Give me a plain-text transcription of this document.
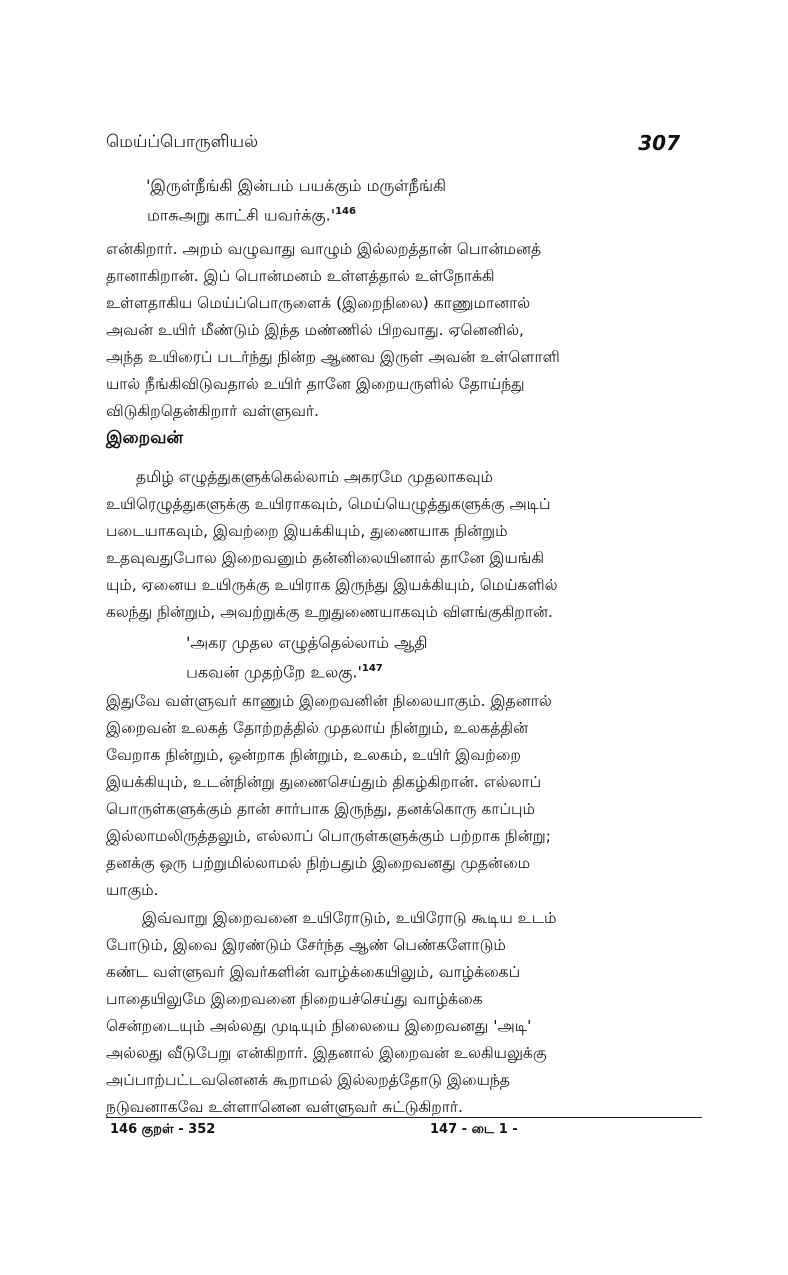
மெய்ப்பொருளியல்	307
'இருள்நீங்கி இன்பம் பயக்கும் மருள்நீங்கி
மாசுஅறு காட்சி $யவர்க்கு.'^{146}$
என்கிறார். அறம் வழுவாது வாழும் இல்லறத்தான் பொன்மனத்
தானாகிறான். இப் பொன்மனம் உள்ளத்தால் உள்நோக்கி
உள்ளதாகிய மெய்ப்பொருளைக் (இறைநிலை) காணுமானால்
அவன் உயிர் மீண்டும் இந்த மண்ணில் பிறவாது. ஏனெனில்,
அந்த உயிரைப் படர்ந்து நின்ற ஆணவ இருள் அவன் உள்ளொளி
யால் நீங்கிவிடுவதால் உயிர் தானே இறையருளில் தோய்ந்து
விடுகிறதென்கிறார் வள்ளுவர்.
இறைவன்
தமிழ் எழுத்துகளுக்கெல்லாம் அகரமே முதலாகவும்
உயிரெழுத்துகளுக்கு உயிராகவும், மெய்யெழுத்துகளுக்கு அடிப்
படையாகவும், இவற்றை இயக்கியும், துணையாக நின்றும்
உதவுவதுபோல இறைவனும் தன்னிலையினால் தானே இயங்கி
யும், ஏனைய உயிருக்கு உயிராக இருந்து இயக்கியும், மெய்களில்
கலந்து நின்றும், அவற்றுக்கு உறுதுணையாகவும் விளங்குகிறான்.
'அகர முதல எழுத்தெல்லாம் ஆதி
பகவன் முதற்றே $உலகு.'^{147}$
இதுவே வள்ளுவர் காணும் இறைவனின் நிலையாகும். இதனால்
இறைவன் உலகத் தோற்றத்தில் முதலாய் நின்றும், உலகத்தின்
வேறாக நின்றும், ஒன்றாக நின்றும், உலகம், உயிர் இவற்றை
இயக்கியும், உடன்நின்று துணைசெய்தும் திகழ்கிறான். எல்லாப்
பொருள்களுக்கும் தான் சார்பாக இருந்து, தனக்கொரு காப்பும்
இல்லாமலிருத்தலும், எல்லாப் பொருள்களுக்கும் பற்றாக நின்று;
தனக்கு ஒரு பற்றுமில்லாமல் நிற்பதும் இறைவனது முதன்மை
யாகும்.
இவ்வாறு இறைவனை உயிரோடும், உயிரோடு கூடிய உடம்
போடும், இவை இரண்டும் சேர்ந்த ஆண் பெண்களோடும்
கண்ட வள்ளுவர் இவர்களின் வாழ்க்கையிலும், வாழ்க்கைப்
பாதையிலுமே இறைவனை நிறையச்செய்து வாழ்க்கை
சென்றடையும் அல்லது முடியும் நிலையை இறைவனது 'அடி'
அல்லது வீடுபேறு என்கிறார். இதனால் இறைவன் உலகியலுக்கு
அப்பாற்பட்டவனெனக் கூறாமல் இல்லறத்தோடு இயைந்த
நடுவனாகவே உள்ளானென வள்ளுவர் சுட்டுகிறார்.
146 குறள் - 352	147 - டை 1 -
